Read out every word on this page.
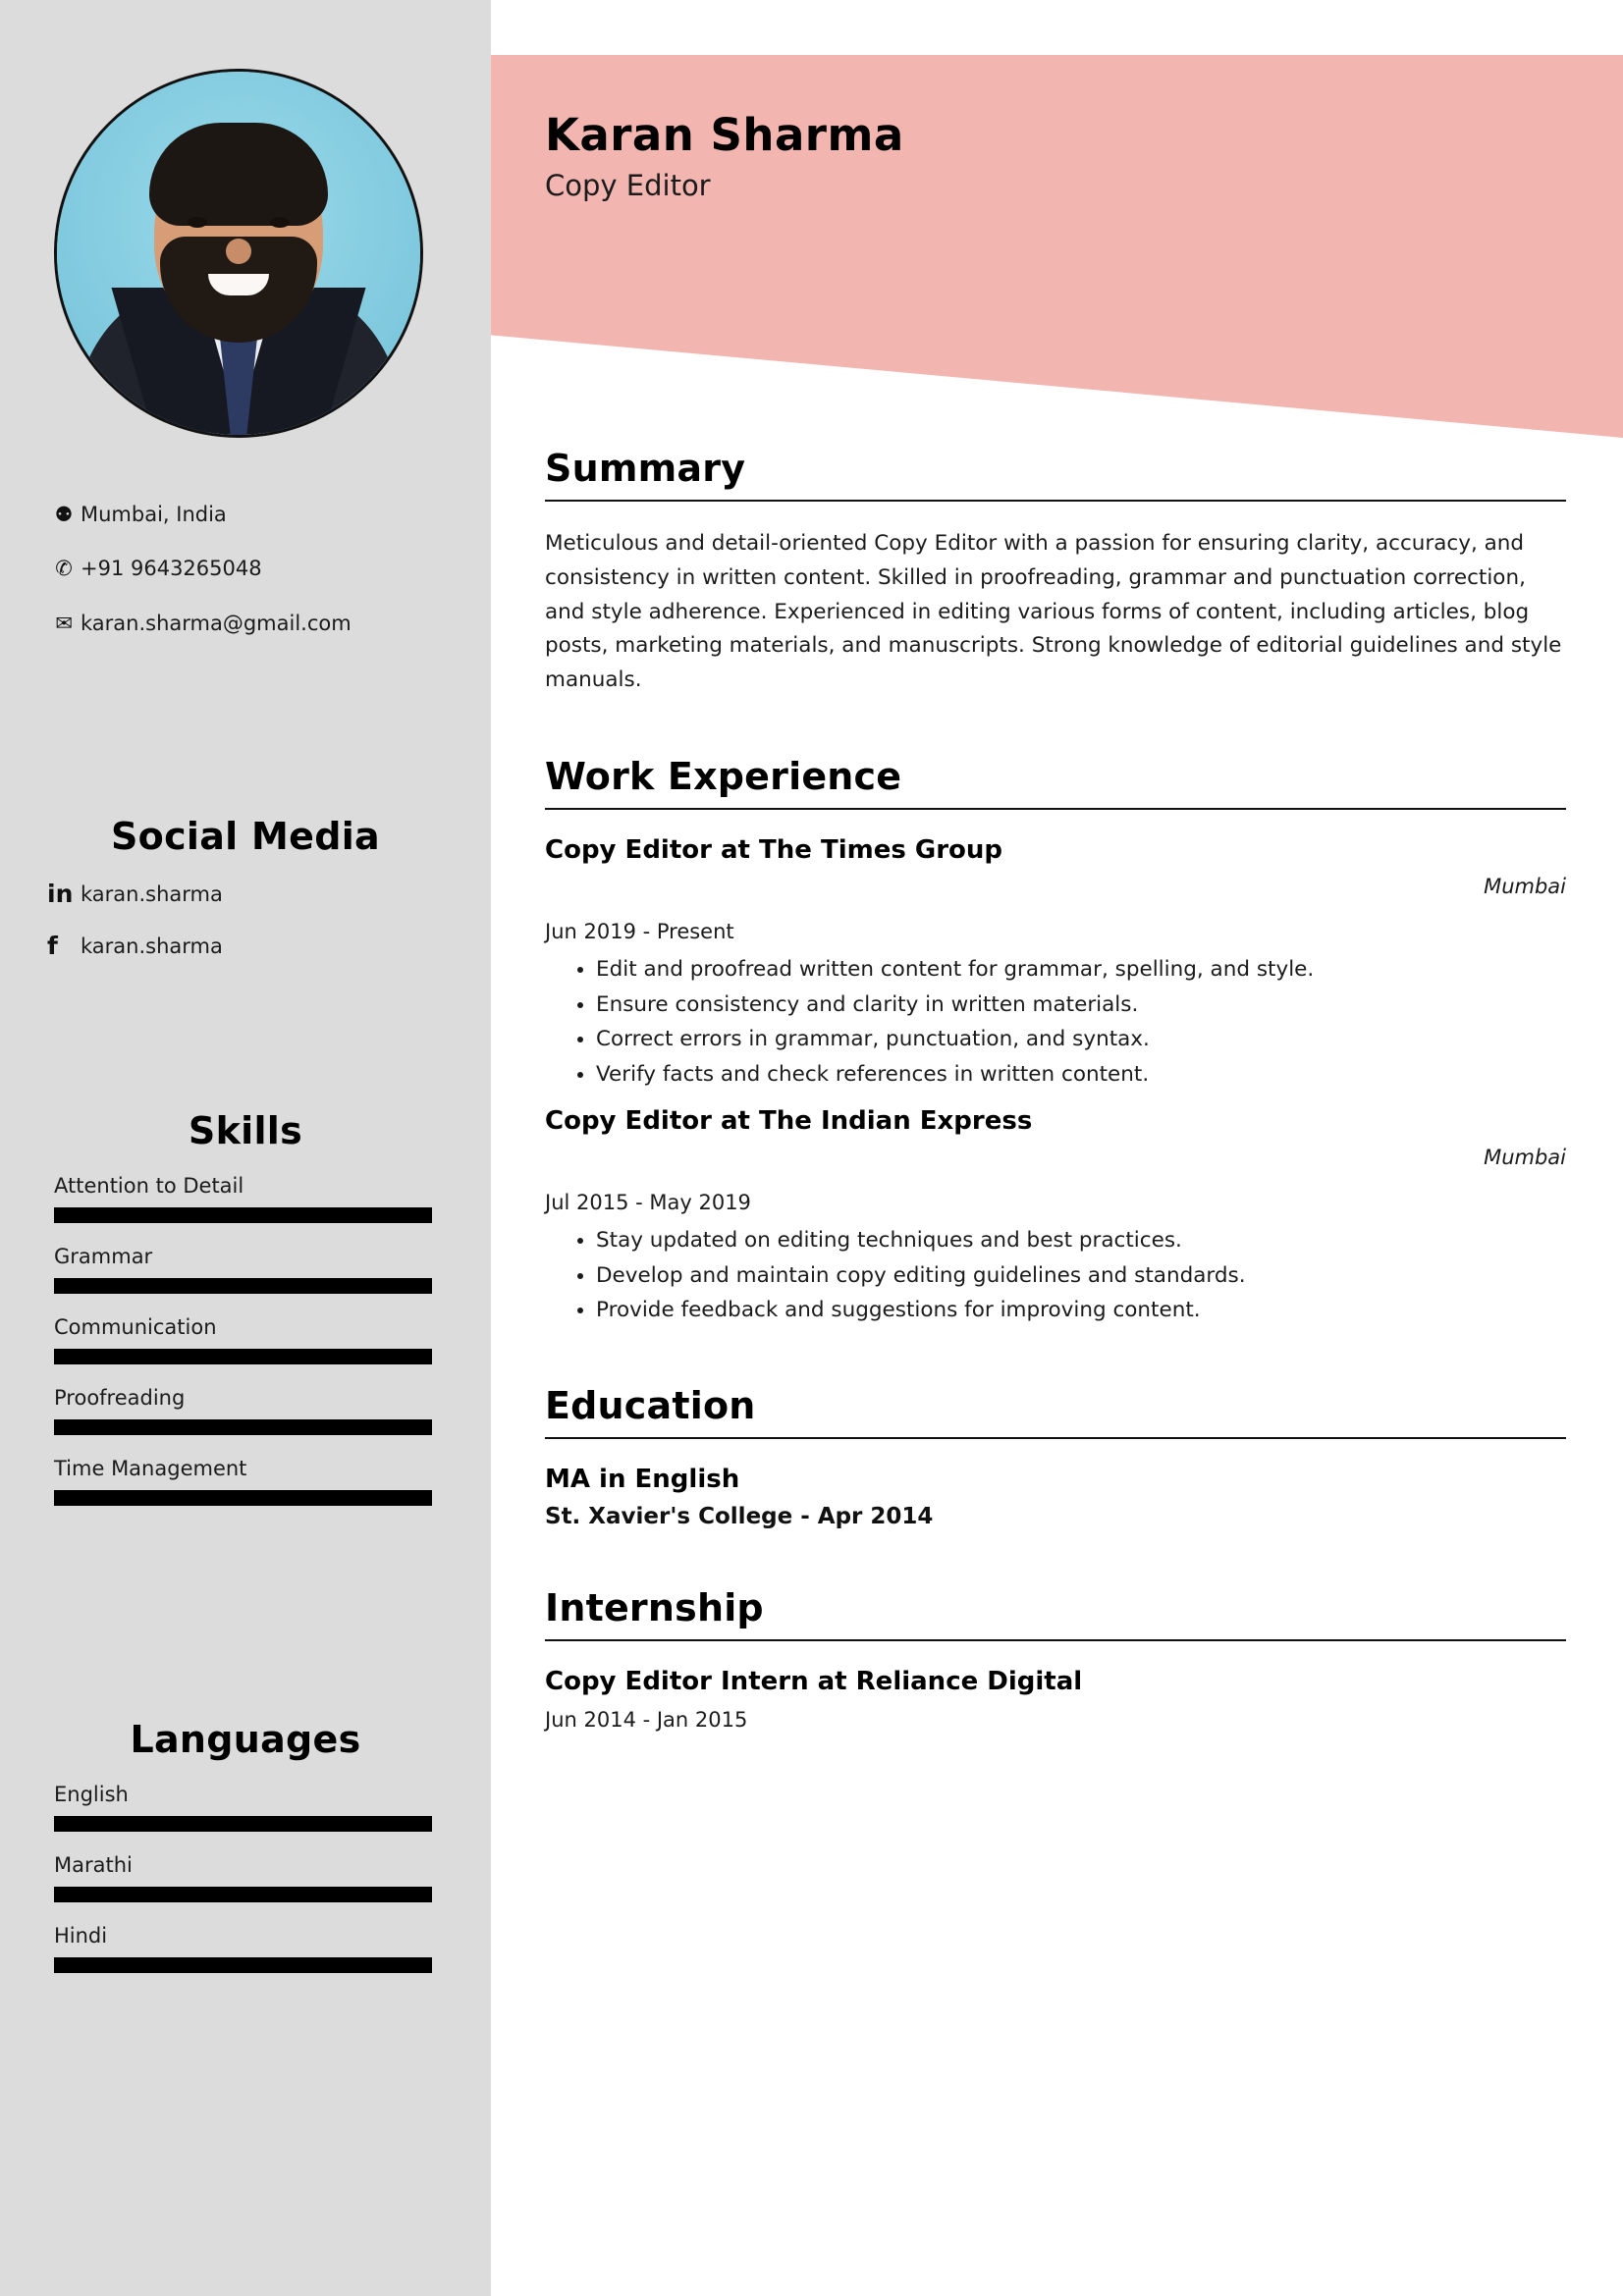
Karan Sharma
Copy Editor
⚉ Mumbai, India
✆ +91 9643265048
✉ karan.sharma@gmail.com
Social Media
in karan.sharma
f	karan.sharma
Skills
Attention to Detail
Grammar
Communication
Proofreading
Time Management
Languages
English
Marathi
Hindi
Summary
Meticulous and detail-oriented Copy Editor with a passion for ensuring clarity, accuracy, and consistency in written content. Skilled in proofreading, grammar and punctuation correction, and style adherence. Experienced in editing various forms of content, including articles, blog posts, marketing materials, and manuscripts. Strong knowledge of editorial guidelines and style manuals.
Work Experience
Copy Editor at The Times Group
Mumbai
Jun 2019 - Present
• Edit and proofread written content for grammar, spelling, and style.
• Ensure consistency and clarity in written materials.
• Correct errors in grammar, punctuation, and syntax.
• Verify facts and check references in written content.
Copy Editor at The Indian Express
Mumbai
Jul 2015 - May 2019
• Stay updated on editing techniques and best practices.
• Develop and maintain copy editing guidelines and standards.
• Provide feedback and suggestions for improving content.
Education
MA in English
St. Xavier's College - Apr 2014
Internship
Copy Editor Intern at Reliance Digital
Jun 2014 - Jan 2015
